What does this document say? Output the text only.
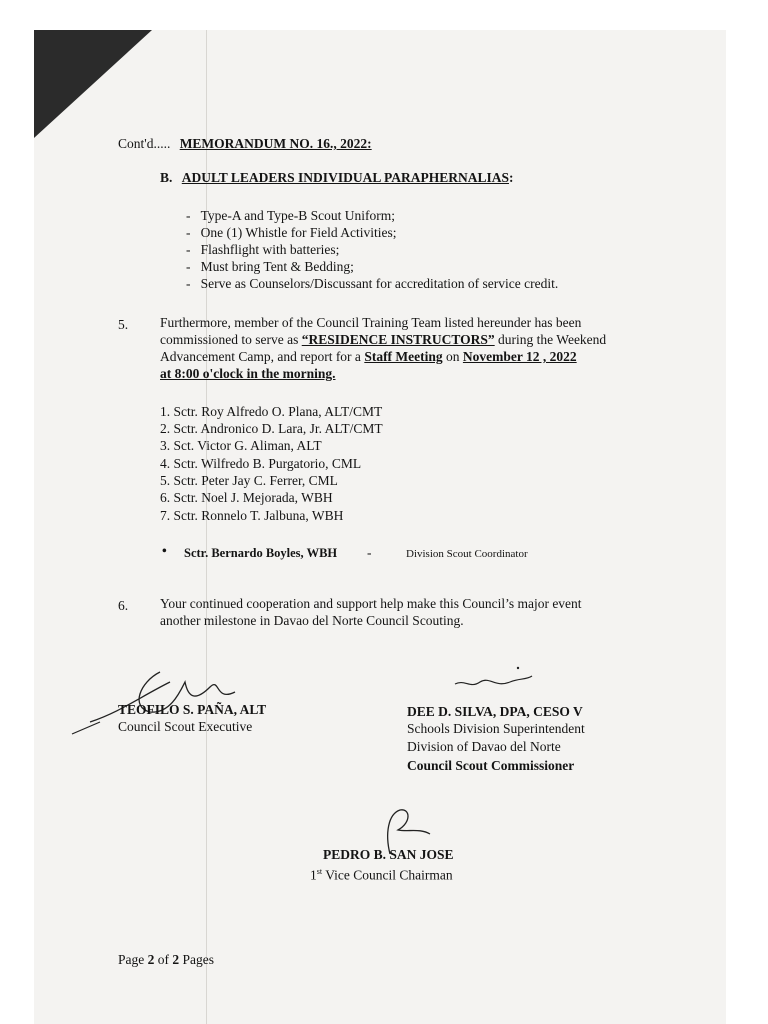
Cont'd..... MEMORANDUM NO. 16., 2022:
B. ADULT LEADERS INDIVIDUAL PARAPHERNALIAS:
-   Type-A and Type-B Scout Uniform;
-   One (1) Whistle for Field Activities;
-   Flashflight with batteries;
-   Must bring Tent & Bedding;
-   Serve as Counselors/Discussant for accreditation of service credit.
5. Furthermore, member of the Council Training Team listed hereunder has been
commissioned to serve as “RESIDENCE INSTRUCTORS” during the Weekend
Advancement Camp, and report for a Staff Meeting on November 12 , 2022
at 8:00 o'clock in the morning.
1. Sctr. Roy Alfredo O. Plana, ALT/CMT
2. Sctr. Andronico D. Lara, Jr. ALT/CMT
3. Sct. Victor G. Aliman, ALT
4. Sctr. Wilfredo B. Purgatorio, CML
5. Sctr. Peter Jay C. Ferrer, CML
6. Sctr. Noel J. Mejorada, WBH
7. Sctr. Ronnelo T. Jalbuna, WBH
• Sctr. Bernardo Boyles, WBH -	Division Scout Coordinator
6. Your continued cooperation and support help make this Council’s major event
another milestone in Davao del Norte Council Scouting.
TEOFILO S. PAÑA, ALT
Council Scout Executive
DEE D. SILVA, DPA, CESO V
Schools Division Superintendent
Division of Davao del Norte
Council Scout Commissioner
PEDRO B. SAN JOSE
1st Vice Council Chairman
Page 2 of 2 Pages
